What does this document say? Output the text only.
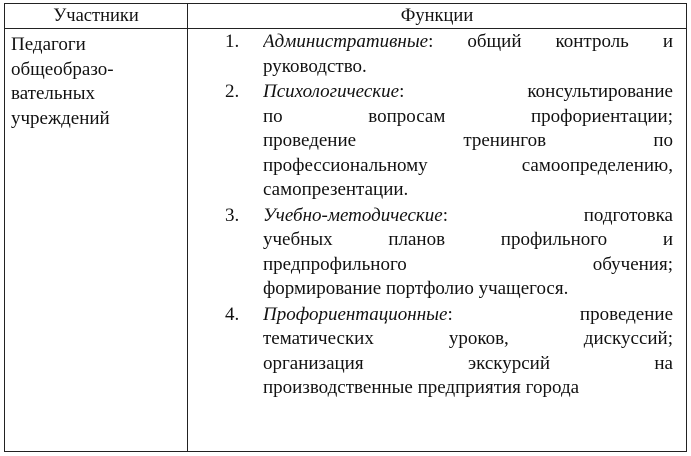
Участники	Функции
Педагоги
общеобразо-
вательных
учреждений
1. Административные: общий контроль и
руководство.
2. Психологические: консультирование
по вопросам профориентации;
проведение тренингов по
профессиональному самоопределению,
самопрезентации.
3. Учебно-методические: подготовка
учебных планов профильного и
предпрофильного обучения;
формирование портфолио учащегося.
4. Профориентационные: проведение
тематических уроков, дискуссий;
организация экскурсий на
производственные предприятия города
